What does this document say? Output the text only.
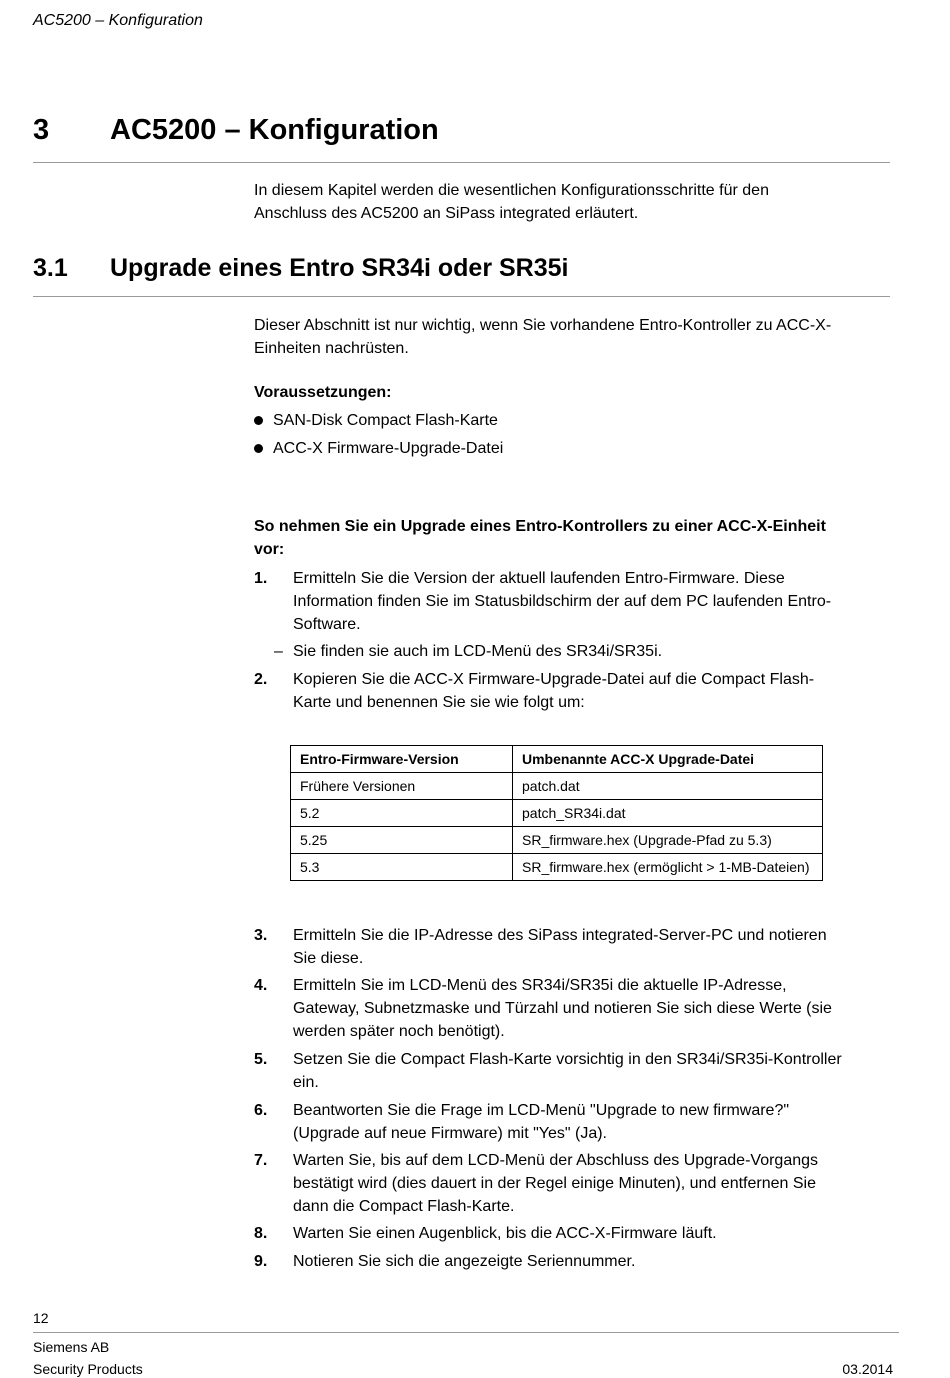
AC5200 – Konfiguration
3 AC5200 – Konfiguration
In diesem Kapitel werden die wesentlichen Konfigurationsschritte für den
Anschluss des AC5200 an SiPass integrated erläutert.
3.1 Upgrade eines Entro SR34i oder SR35i
Dieser Abschnitt ist nur wichtig, wenn Sie vorhandene Entro-Kontroller zu ACC-X-
Einheiten nachrüsten.
Voraussetzungen:
SAN-Disk Compact Flash-Karte
ACC-X Firmware-Upgrade-Datei
So nehmen Sie ein Upgrade eines Entro-Kontrollers zu einer ACC-X-Einheit
vor:
1. Ermitteln Sie die Version der aktuell laufenden Entro-Firmware. Diese
Information finden Sie im Statusbildschirm der auf dem PC laufenden Entro-
Software.
– Sie finden sie auch im LCD-Menü des SR34i/SR35i.
2. Kopieren Sie die ACC-X Firmware-Upgrade-Datei auf die Compact Flash-
Karte und benennen Sie sie wie folgt um:
Entro-Firmware-Version	Umbenannte ACC-X Upgrade-Datei
Frühere Versionen	patch.dat
5.2	patch_SR34i.dat
5.25	SR_firmware.hex (Upgrade-Pfad zu 5.3)
5.3	SR_firmware.hex (ermöglicht > 1-MB-Dateien)
3. Ermitteln Sie die IP-Adresse des SiPass integrated-Server-PC und notieren
Sie diese.
4. Ermitteln Sie im LCD-Menü des SR34i/SR35i die aktuelle IP-Adresse,
Gateway, Subnetzmaske und Türzahl und notieren Sie sich diese Werte (sie
werden später noch benötigt).
5. Setzen Sie die Compact Flash-Karte vorsichtig in den SR34i/SR35i-Kontroller
ein.
6. Beantworten Sie die Frage im LCD-Menü "Upgrade to new firmware?"
(Upgrade auf neue Firmware) mit "Yes" (Ja).
7. Warten Sie, bis auf dem LCD-Menü der Abschluss des Upgrade-Vorgangs
bestätigt wird (dies dauert in der Regel einige Minuten), und entfernen Sie
dann die Compact Flash-Karte.
8. Warten Sie einen Augenblick, bis die ACC-X-Firmware läuft.
9. Notieren Sie sich die angezeigte Seriennummer.
12
Siemens AB
Security Products	03.2014
